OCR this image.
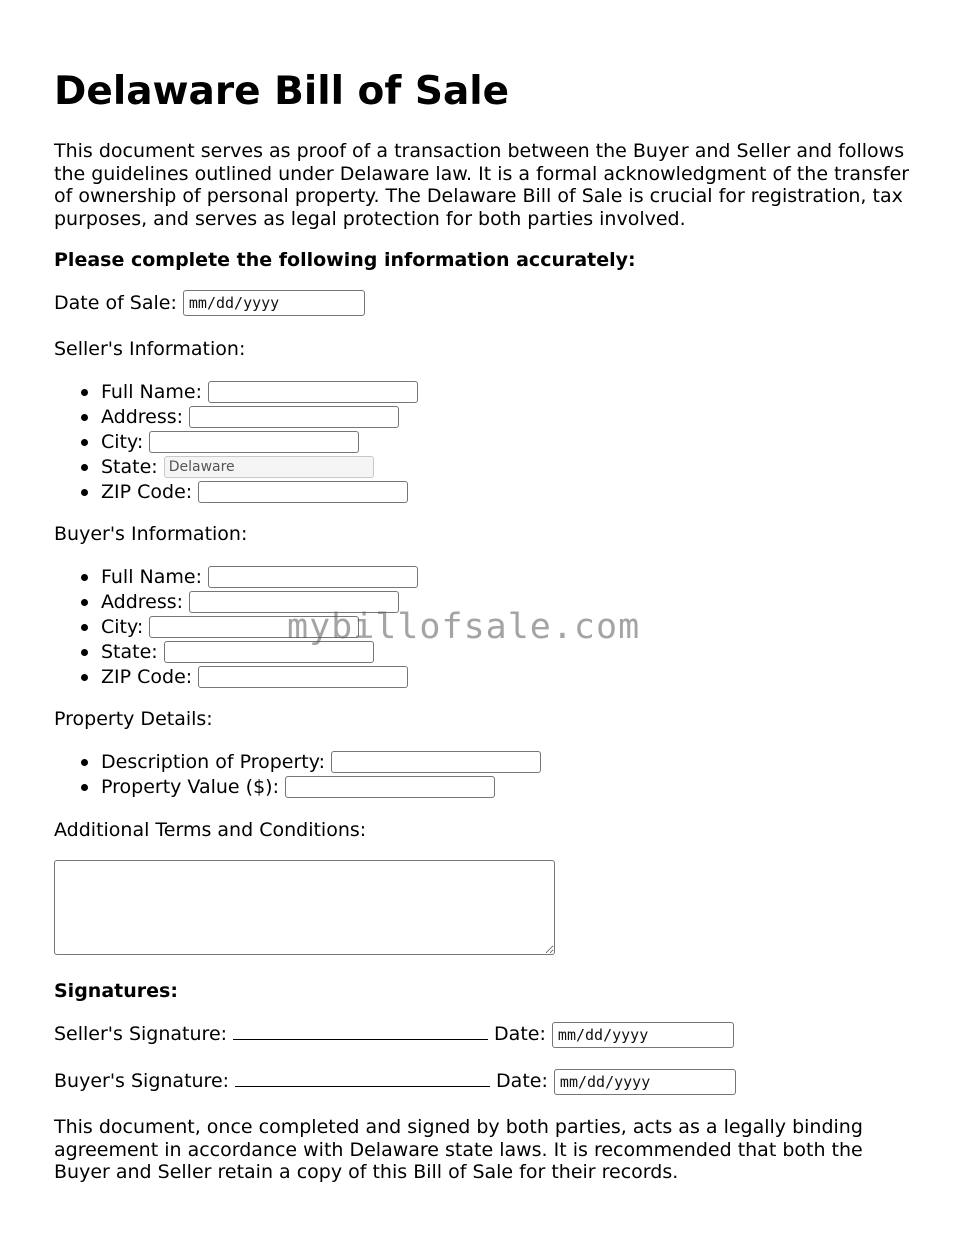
Delaware Bill of Sale

This document serves as proof of a transaction between the Buyer and Seller and follows the guidelines outlined under Delaware law. It is a formal acknowledgment of the transfer of ownership of personal property. The Delaware Bill of Sale is crucial for registration, tax purposes, and serves as legal protection for both parties involved.

Please complete the following information accurately:

Date of Sale: mm/dd/yyyy

Seller's Information:

Full Name:
Address:
City:
State:
Delaware
ZIP Code:

Buyer's Information:

Full Name:
Address:
City:
State:
ZIP Code:

Property Details:

Description of Property:
Property Value ($):

Additional Terms and Conditions:

Signatures:

Seller's Signature:	Date: mm/dd/yyyy
Buyer's Signature:	Date: mm/dd/yyyy

This document, once completed and signed by both parties, acts as a legally binding agreement in accordance with Delaware state laws. It is recommended that both the Buyer and Seller retain a copy of this Bill of Sale for their records.

mybillofsale.com
